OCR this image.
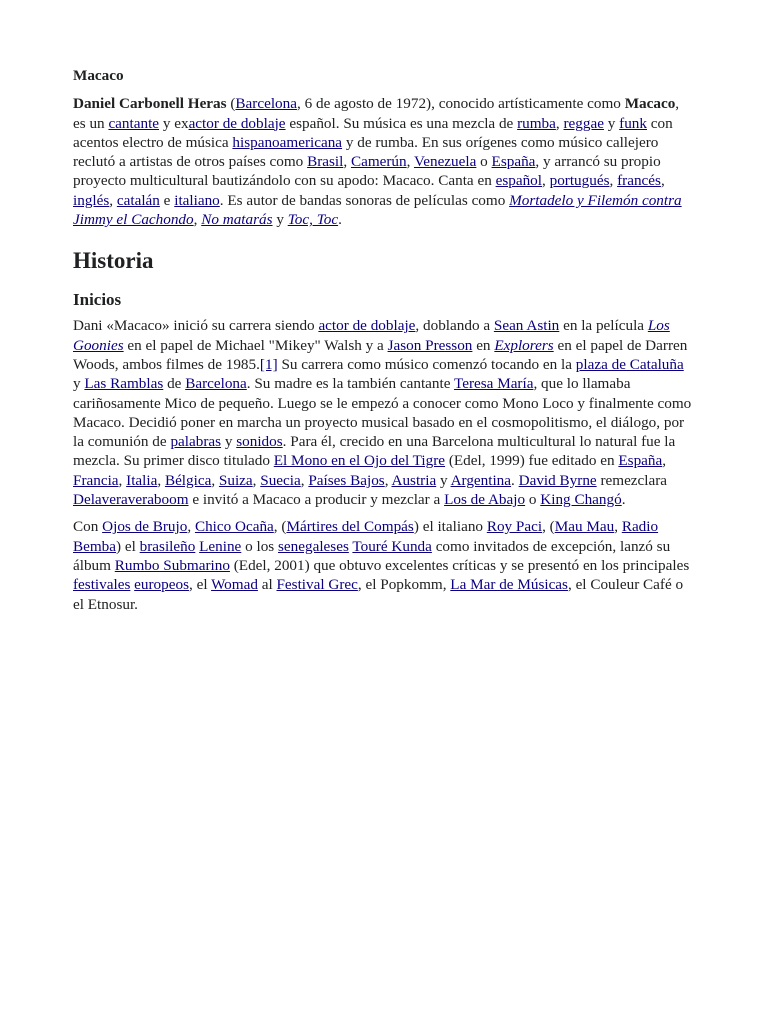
Macaco

Daniel Carbonell Heras (Barcelona, 6 de agosto de 1972), conocido artísticamente como Macaco, es un cantante y exactor de doblaje español. Su música es una mezcla de rumba, reggae y funk con acentos electro de música hispanoamericana y de rumba. En sus orígenes como músico callejero reclutó a artistas de otros países como Brasil, Camerún, Venezuela o España, y arrancó su propio proyecto multicultural bautizándolo con su apodo: Macaco. Canta en español, portugués, francés, inglés, catalán e italiano. Es autor de bandas sonoras de películas como Mortadelo y Filemón contra Jimmy el Cachondo, No matarás y Toc, Toc.

Historia
Inicios

Dani «Macaco» inició su carrera siendo actor de doblaje, doblando a Sean Astin en la película Los Goonies en el papel de Michael "Mikey" Walsh y a Jason Presson en Explorers en el papel de Darren Woods, ambos filmes de 1985.[1] Su carrera como músico comenzó tocando en la plaza de Cataluña y Las Ramblas de Barcelona. Su madre es la también cantante Teresa María, que lo llamaba cariñosamente Mico de pequeño. Luego se le empezó a conocer como Mono Loco y finalmente como Macaco. Decidió poner en marcha un proyecto musical basado en el cosmopolitismo, el diálogo, por la comunión de palabras y sonidos. Para él, crecido en una Barcelona multicultural lo natural fue la mezcla. Su primer disco titulado El Mono en el Ojo del Tigre (Edel, 1999) fue editado en España, Francia, Italia, Bélgica, Suiza, Suecia, Países Bajos, Austria y Argentina. David Byrne remezclara Delaveraveraboom e invitó a Macaco a producir y mezclar a Los de Abajo o King Changó.

Con Ojos de Brujo, Chico Ocaña, (Mártires del Compás) el italiano Roy Paci, (Mau Mau, Radio Bemba) el brasileño Lenine o los senegaleses Touré Kunda como invitados de excepción, lanzó su álbum Rumbo Submarino (Edel, 2001) que obtuvo excelentes críticas y se presentó en los principales festivales europeos, el Womad al Festival Grec, el Popkomm, La Mar de Músicas, el Couleur Café o el Etnosur.
